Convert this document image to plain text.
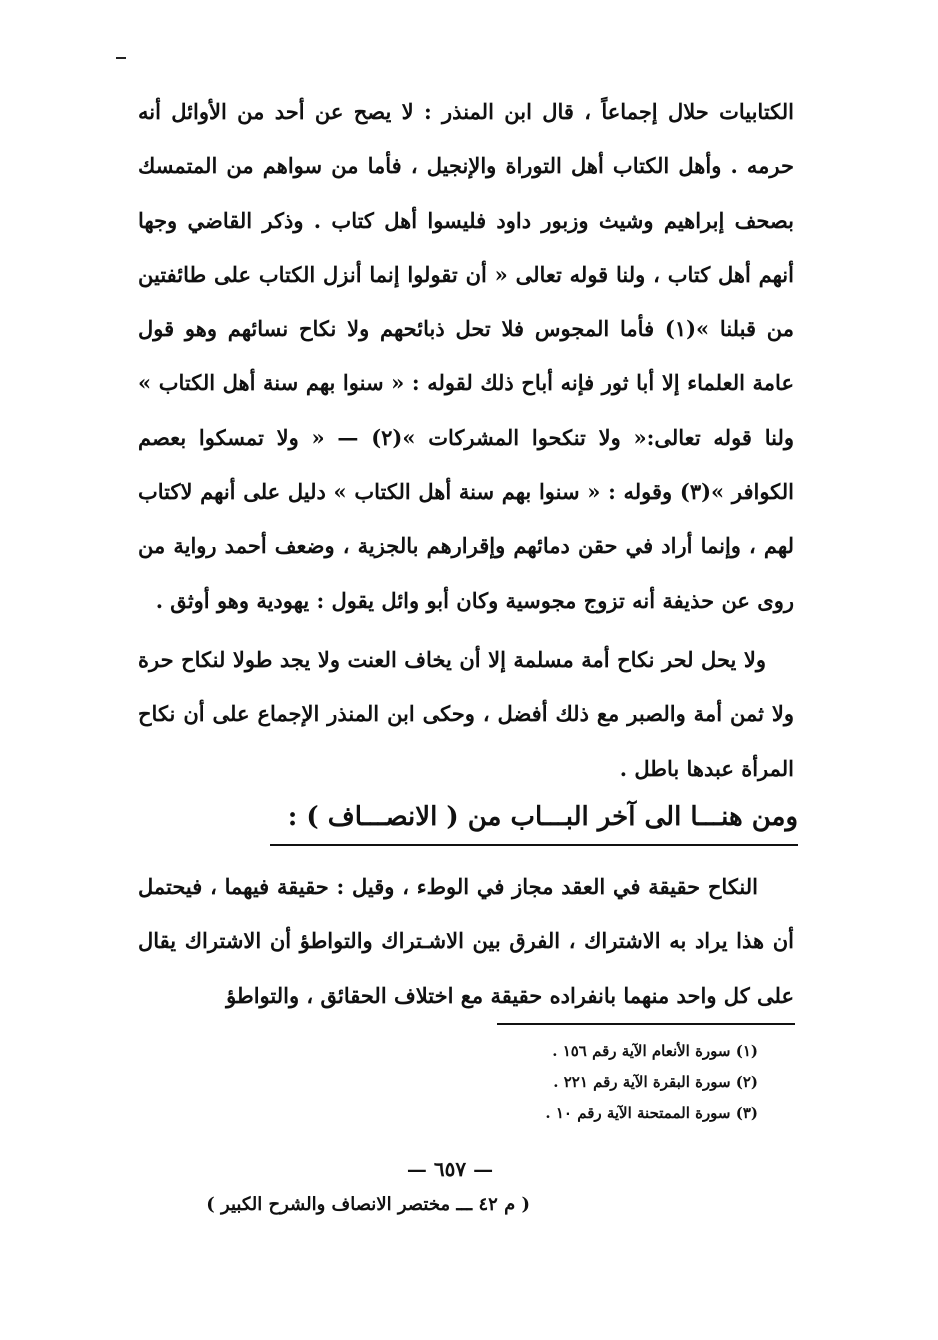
الكتابيات حلال إجماعاً ، قال ابن المنذر : لا يصح عن أحد من الأوائل أنه حرمه . وأهل الكتاب أهل التوراة والإنجيل ، فأما من سواهم من المتمسك بصحف إبراهيم وشيث وزبور داود فليسوا أهل كتاب . وذكر القاضي وجها أنهم أهل كتاب ، ولنا قوله تعالى « أن تقولوا إنما أنزل الكتاب على طائفتين من قبلنا »(١) فأما المجوس فلا تحل ذبائحهم ولا نكاح نسائهم وهو قول عامة العلماء إلا أبا ثور فإنه أباح ذلك لقوله : « سنوا بهم سنة أهل الكتاب » ولنا قوله تعالى:« ولا تنكحوا المشركات »(٢) — « ولا تمسكوا بعصم الكوافر »(٣) وقوله : « سنوا بهم سنة أهل الكتاب » دليل على أنهم لاكتاب لهم ، وإنما أراد في حقن دمائهم وإقرارهم بالجزية ، وضعف أحمد رواية من روى عن حذيفة أنه تزوج مجوسية وكان أبو وائل يقول : يهودية وهو أوثق .

ولا يحل لحر نكاح أمة مسلمة إلا أن يخاف العنت ولا يجد طولا لنكاح حرة ولا ثمن أمة والصبر مع ذلك أفضل ، وحكى ابن المنذر الإجماع على أن نكاح المرأة عبدها باطل .

ومن هنـــا الى آخر البـــاب من ( الانصـــاف ) :

النكاح حقيقة في العقد مجاز في الوطء ، وقيل : حقيقة فيهما ، فيحتمل أن هذا يراد به الاشتراك ، الفرق بين الاشـتراك والتواطؤ أن الاشتراك يقال على كل واحد منهما بانفراده حقيقة مع اختلاف الحقائق ، والتواطؤ

(١) سورة الأنعام الآية رقم ١٥٦ .
(٢) سورة البقرة الآية رقم ٢٢١ .
(٣) سورة الممتحنة الآية رقم ١٠ .
— ٦٥٧ —
( م ٤٢ ـــ مختصر الانصاف والشرح الكبير )
